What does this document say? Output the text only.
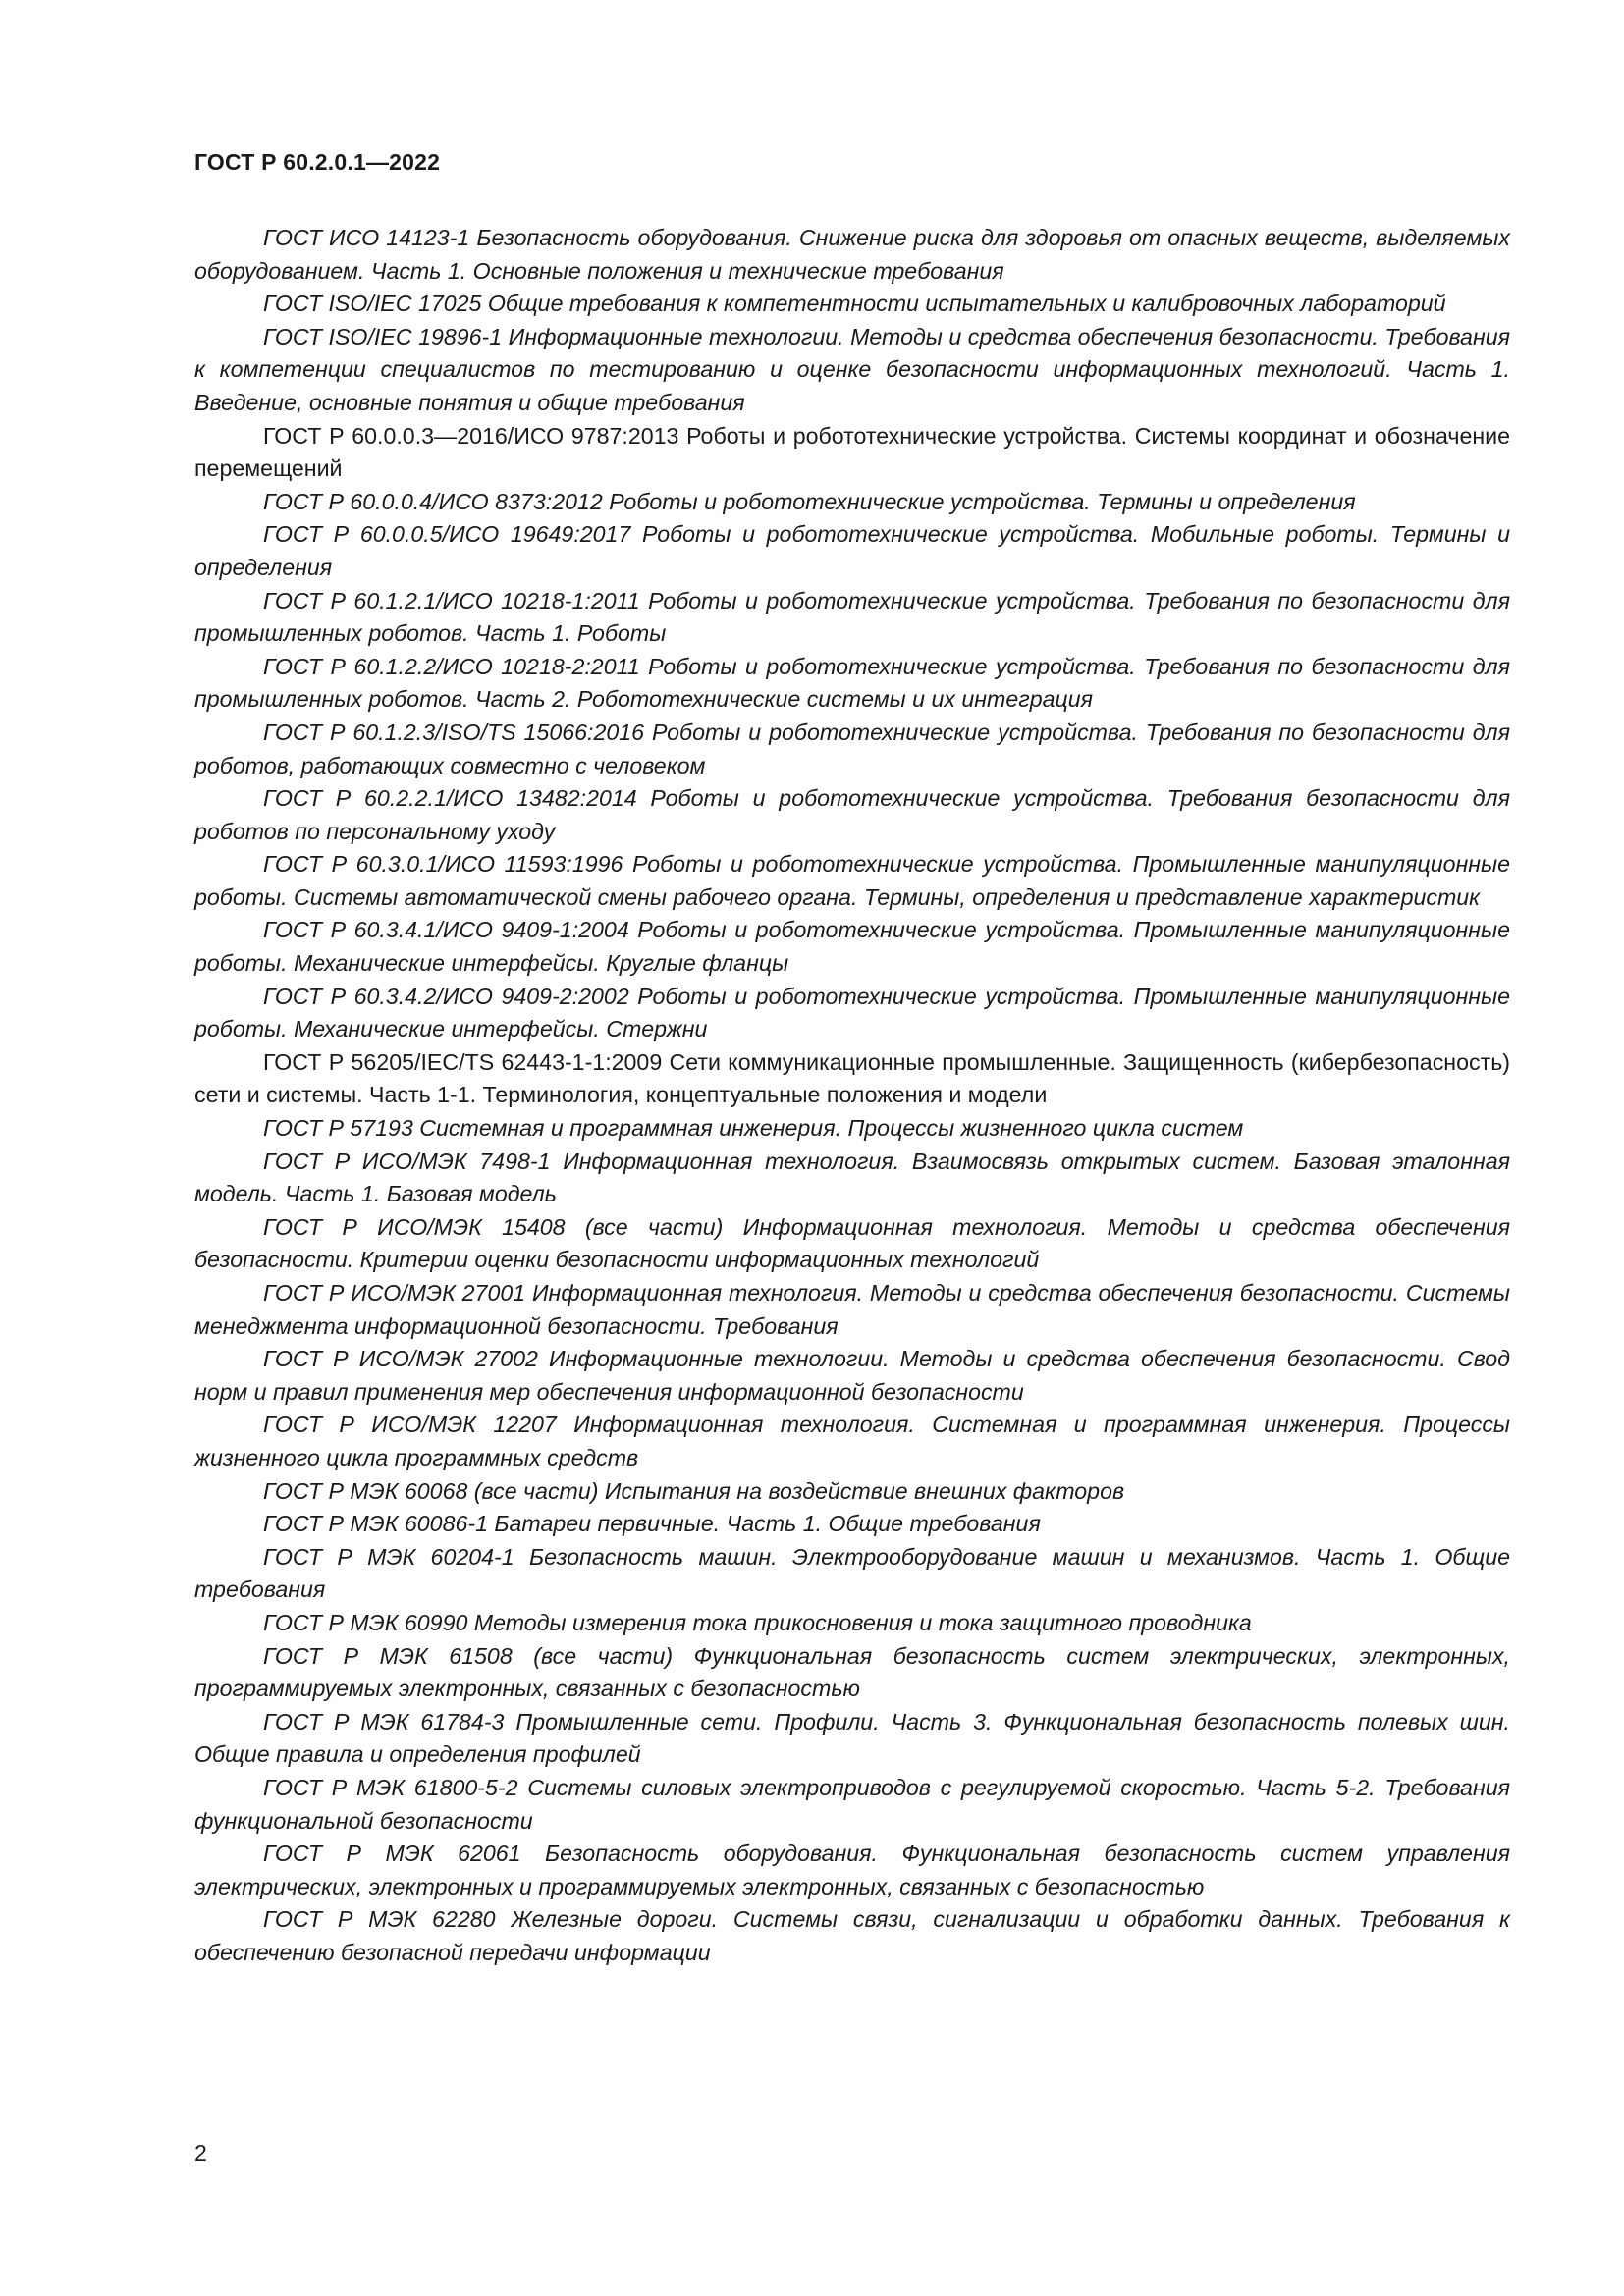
ГОСТ Р 60.2.0.1—2022

ГОСТ ИСО 14123-1 Безопасность оборудования. Снижение риска для здоровья от опасных веществ, выделяемых оборудованием. Часть 1. Основные положения и технические требования

ГОСТ ISO/IEC 17025 Общие требования к компетентности испытательных и калибровочных лабораторий

ГОСТ ISO/IEC 19896-1 Информационные технологии. Методы и средства обеспечения безопасности. Требования к компетенции специалистов по тестированию и оценке безопасности информационных технологий. Часть 1. Введение, основные понятия и общие требования

ГОСТ Р 60.0.0.3—2016/ИСО 9787:2013 Роботы и робототехнические устройства. Системы координат и обозначение перемещений

ГОСТ Р 60.0.0.4/ИСО 8373:2012 Роботы и робототехнические устройства. Термины и определения

ГОСТ Р 60.0.0.5/ИСО 19649:2017 Роботы и робототехнические устройства. Мобильные роботы. Термины и определения

ГОСТ Р 60.1.2.1/ИСО 10218-1:2011 Роботы и робототехнические устройства. Требования по безопасности для промышленных роботов. Часть 1. Роботы

ГОСТ Р 60.1.2.2/ИСО 10218-2:2011 Роботы и робототехнические устройства. Требования по безопасности для промышленных роботов. Часть 2. Робототехнические системы и их интеграция

ГОСТ Р 60.1.2.3/ISO/TS 15066:2016 Роботы и робототехнические устройства. Требования по безопасности для роботов, работающих совместно с человеком

ГОСТ Р 60.2.2.1/ИСО 13482:2014 Роботы и робототехнические устройства. Требования безопасности для роботов по персональному уходу

ГОСТ Р 60.3.0.1/ИСО 11593:1996 Роботы и робототехнические устройства. Промышленные манипуляционные роботы. Системы автоматической смены рабочего органа. Термины, определения и представление характеристик

ГОСТ Р 60.3.4.1/ИСО 9409-1:2004 Роботы и робототехнические устройства. Промышленные манипуляционные роботы. Механические интерфейсы. Круглые фланцы

ГОСТ Р 60.3.4.2/ИСО 9409-2:2002 Роботы и робототехнические устройства. Промышленные манипуляционные роботы. Механические интерфейсы. Стержни

ГОСТ Р 56205/IEC/TS 62443-1-1:2009 Сети коммуникационные промышленные. Защищенность (кибербезопасность) сети и системы. Часть 1-1. Терминология, концептуальные положения и модели

ГОСТ Р 57193 Системная и программная инженерия. Процессы жизненного цикла систем

ГОСТ Р ИСО/МЭК 7498-1 Информационная технология. Взаимосвязь открытых систем. Базовая эталонная модель. Часть 1. Базовая модель

ГОСТ Р ИСО/МЭК 15408 (все части) Информационная технология. Методы и средства обеспечения безопасности. Критерии оценки безопасности информационных технологий

ГОСТ Р ИСО/МЭК 27001 Информационная технология. Методы и средства обеспечения безопасности. Системы менеджмента информационной безопасности. Требования

ГОСТ Р ИСО/МЭК 27002 Информационные технологии. Методы и средства обеспечения безопасности. Свод норм и правил применения мер обеспечения информационной безопасности

ГОСТ Р ИСО/МЭК 12207 Информационная технология. Системная и программная инженерия. Процессы жизненного цикла программных средств

ГОСТ Р МЭК 60068 (все части) Испытания на воздействие внешних факторов

ГОСТ Р МЭК 60086-1 Батареи первичные. Часть 1. Общие требования

ГОСТ Р МЭК 60204-1 Безопасность машин. Электрооборудование машин и механизмов. Часть 1. Общие требования

ГОСТ Р МЭК 60990 Методы измерения тока прикосновения и тока защитного проводника

ГОСТ Р МЭК 61508 (все части) Функциональная безопасность систем электрических, электронных, программируемых электронных, связанных с безопасностью

ГОСТ Р МЭК 61784-3 Промышленные сети. Профили. Часть 3. Функциональная безопасность полевых шин. Общие правила и определения профилей

ГОСТ Р МЭК 61800-5-2 Системы силовых электроприводов с регулируемой скоростью. Часть 5-2. Требования функциональной безопасности

ГОСТ Р МЭК 62061 Безопасность оборудования. Функциональная безопасность систем управления электрических, электронных и программируемых электронных, связанных с безопасностью

ГОСТ Р МЭК 62280 Железные дороги. Системы связи, сигнализации и обработки данных. Требования к обеспечению безопасной передачи информации

2
